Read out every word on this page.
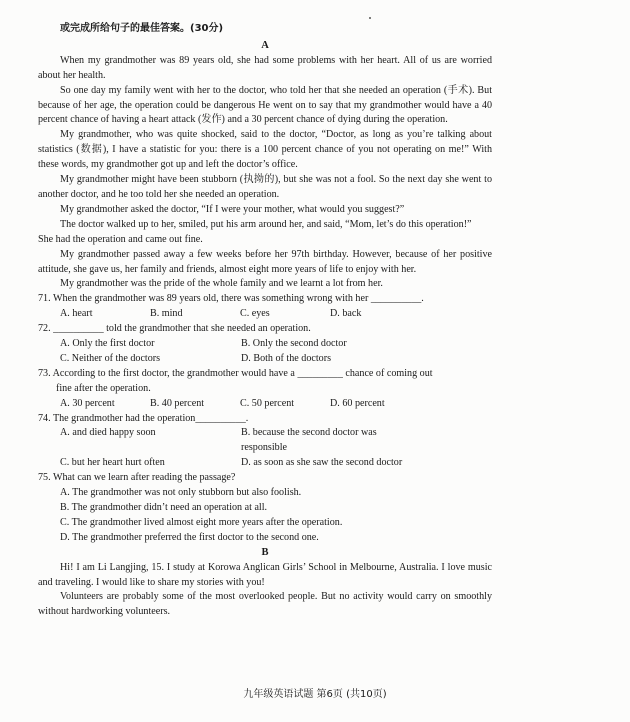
或完成所给句子的最佳答案。(30分)
A

When my grandmother was 89 years old, she had some problems with her heart. All of us are worried about her health.

So one day my family went with her to the doctor, who told her that she needed an operation (手术). But because of her age, the operation could be dangerous He went on to say that my grandmother would have a 40 percent chance of having a heart attack (发作) and a 30 percent chance of dying during the operation.

My grandmother, who was quite shocked, said to the doctor, “Doctor, as long as you’re talking about statistics (数据), I have a statistic for you: there is a 100 percent chance of you not operating on me!” With these words, my grandmother got up and left the doctor’s office.

My grandmother might have been stubborn (执拗的), but she was not a fool. So the next day she went to another doctor, and he too told her she needed an operation.

My grandmother asked the doctor, “If I were your mother, what would you suggest?”

The doctor walked up to her, smiled, put his arm around her, and said, “Mom, let’s do this operation!”

She had the operation and came out fine.

My grandmother passed away a few weeks before her 97th birthday. However, because of her positive attitude, she gave us, her family and friends, almost eight more years of life to enjoy with her.

My grandmother was the pride of the whole family and we learnt a lot from her.

71. When the grandmother was 89 years old, there was something wrong with her __________.
A. heart	B. mind	C. eyes	D. back
72. __________ told the grandmother that she needed an operation.
A. Only the first doctor	B. Only the second doctor
C. Neither of the doctors	D. Both of the doctors
73. According to the first doctor, the grandmother would have a _________ chance of coming out
fine after the operation.
A. 30 percent	B. 40 percent	C. 50 percent	D. 60 percent
74. The grandmother had the operation__________.
A. and died happy soon	B. because the second doctor was responsible
C. but her heart hurt often	D. as soon as she saw the second doctor
75. What can we learn after reading the passage?
A. The grandmother was not only stubborn but also foolish.
B. The grandmother didn’t need an operation at all.
C. The grandmother lived almost eight more years after the operation.
D. The grandmother preferred the first doctor to the second one.
B

Hi! I am Li Langjing, 15. I study at Korowa Anglican Girls’ School in Melbourne, Australia. I love music and traveling. I would like to share my stories with you!

Volunteers are probably some of the most overlooked people. But no activity would carry on smoothly without hardworking volunteers.

九年级英语试题 第6页 (共10页)
